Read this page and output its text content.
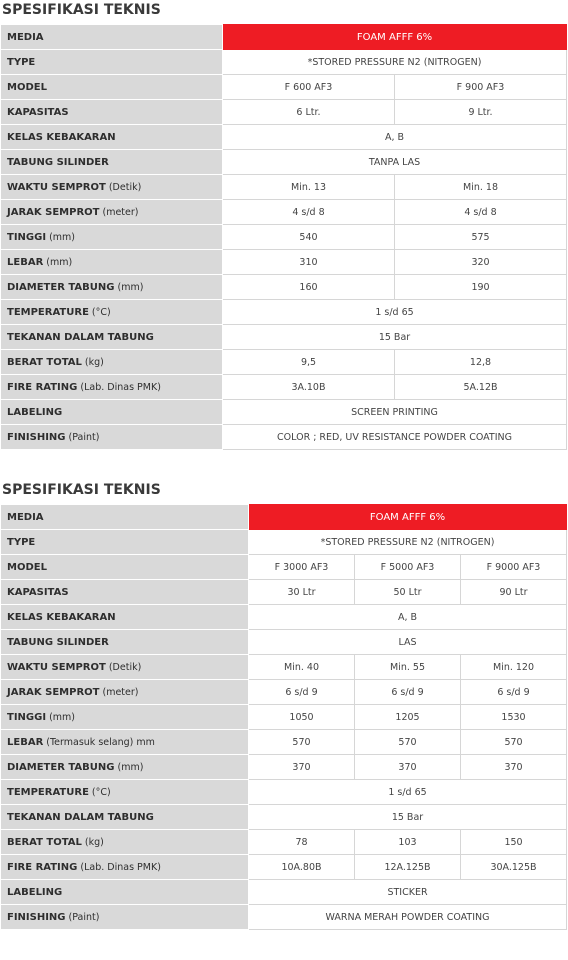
SPESIFIKASI TEKNIS
MEDIA	FOAM AFFF 6%	
TYPE	*STORED PRESSURE N2 (NITROGEN)	
MODEL	F 600 AF3	F 900 AF3
KAPASITAS	6 Ltr.	9 Ltr.
KELAS KEBAKARAN	A, B	
TABUNG SILINDER	TANPA LAS	
WAKTU SEMPROT (Detik)	Min. 13	Min. 18
JARAK SEMPROT (meter)	4 s/d 8	4 s/d 8
TINGGI (mm)	540	575
LEBAR (mm)	310	320
DIAMETER TABUNG (mm)	160	190
TEMPERATURE (°C)	1 s/d 65	
TEKANAN DALAM TABUNG	15 Bar	
BERAT TOTAL (kg)	9,5	12,8
FIRE RATING (Lab. Dinas PMK)	3A.10B	5A.12B
LABELING	SCREEN PRINTING	
FINISHING (Paint)	COLOR ; RED, UV RESISTANCE POWDER COATING	
SPESIFIKASI TEKNIS
MEDIA	FOAM AFFF 6%		
TYPE	*STORED PRESSURE N2 (NITROGEN)		
MODEL	F 3000 AF3	F 5000 AF3	F 9000 AF3
KAPASITAS	30 Ltr	50 Ltr	90 Ltr
KELAS KEBAKARAN	A, B		
TABUNG SILINDER	LAS		
WAKTU SEMPROT (Detik)	Min. 40	Min. 55	Min. 120
JARAK SEMPROT (meter)	6 s/d 9	6 s/d 9	6 s/d 9
TINGGI (mm)	1050	1205	1530
LEBAR (Termasuk selang) mm	570	570	570
DIAMETER TABUNG (mm)	370	370	370
TEMPERATURE (°C)	1 s/d 65		
TEKANAN DALAM TABUNG	15 Bar		
BERAT TOTAL (kg)	78	103	150
FIRE RATING (Lab. Dinas PMK)	10A.80B	12A.125B	30A.125B
LABELING	STICKER		
FINISHING (Paint)	WARNA MERAH POWDER COATING		
